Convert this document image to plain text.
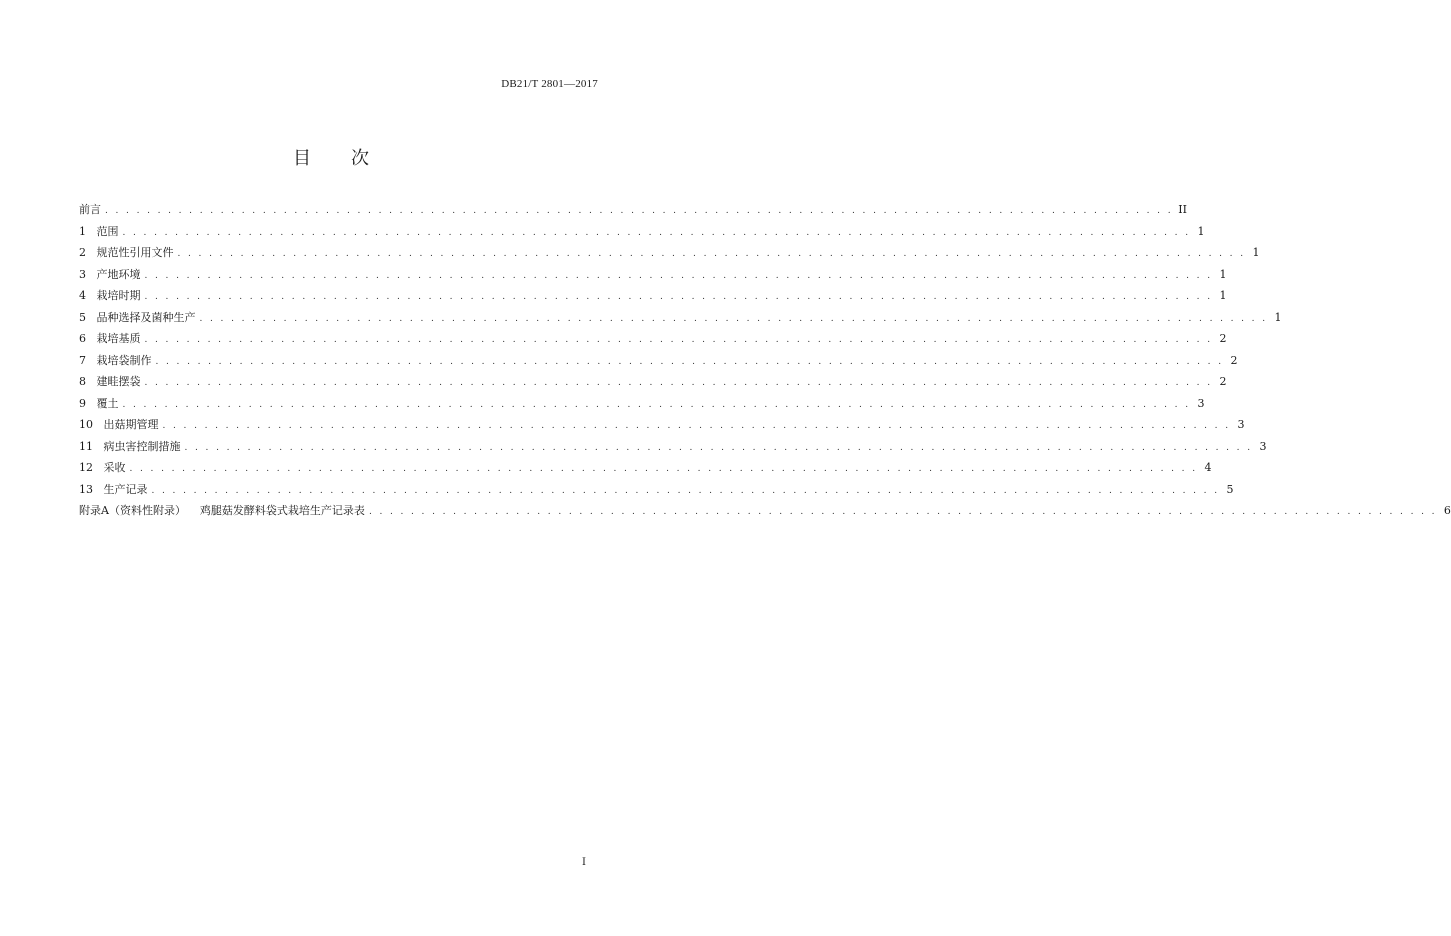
DB21/T 2801—2017
目 次
前言 . . . . . . . . . . . . . . . . . . . . . . . . . . . . . . . . . . . . . . . . . . . . . . . . . . . . . . . . . . . . . . . . . . . . . . . . . . . . . . . . . . . . . . . . . . . . . . . . . . . . . . II
1
范围 . . . . . . . . . . . . . . . . . . . . . . . . . . . . . . . . . . . . . . . . . . . . . . . . . . . . . . . . . . . . . . . . . . . . . . . . . . . . . . . . . . . . . . . . . . . . . . . . . . . . . . 1
2
规范性引用文件 . . . . . . . . . . . . . . . . . . . . . . . . . . . . . . . . . . . . . . . . . . . . . . . . . . . . . . . . . . . . . . . . . . . . . . . . . . . . . . . . . . . . . . . . . . . . . . . . . . . . . . 1
3
产地环境 . . . . . . . . . . . . . . . . . . . . . . . . . . . . . . . . . . . . . . . . . . . . . . . . . . . . . . . . . . . . . . . . . . . . . . . . . . . . . . . . . . . . . . . . . . . . . . . . . . . . . . 1
4
栽培时期 . . . . . . . . . . . . . . . . . . . . . . . . . . . . . . . . . . . . . . . . . . . . . . . . . . . . . . . . . . . . . . . . . . . . . . . . . . . . . . . . . . . . . . . . . . . . . . . . . . . . . . 1
5
品种选择及菌种生产 . . . . . . . . . . . . . . . . . . . . . . . . . . . . . . . . . . . . . . . . . . . . . . . . . . . . . . . . . . . . . . . . . . . . . . . . . . . . . . . . . . . . . . . . . . . . . . . . . . . . . . 1
6
栽培基质 . . . . . . . . . . . . . . . . . . . . . . . . . . . . . . . . . . . . . . . . . . . . . . . . . . . . . . . . . . . . . . . . . . . . . . . . . . . . . . . . . . . . . . . . . . . . . . . . . . . . . . 2
7
栽培袋制作 . . . . . . . . . . . . . . . . . . . . . . . . . . . . . . . . . . . . . . . . . . . . . . . . . . . . . . . . . . . . . . . . . . . . . . . . . . . . . . . . . . . . . . . . . . . . . . . . . . . . . . 2
8
建畦摆袋 . . . . . . . . . . . . . . . . . . . . . . . . . . . . . . . . . . . . . . . . . . . . . . . . . . . . . . . . . . . . . . . . . . . . . . . . . . . . . . . . . . . . . . . . . . . . . . . . . . . . . . 2
9
覆土 . . . . . . . . . . . . . . . . . . . . . . . . . . . . . . . . . . . . . . . . . . . . . . . . . . . . . . . . . . . . . . . . . . . . . . . . . . . . . . . . . . . . . . . . . . . . . . . . . . . . . . 3
10
出菇期管理 . . . . . . . . . . . . . . . . . . . . . . . . . . . . . . . . . . . . . . . . . . . . . . . . . . . . . . . . . . . . . . . . . . . . . . . . . . . . . . . . . . . . . . . . . . . . . . . . . . . . . . 3
11
病虫害控制措施 . . . . . . . . . . . . . . . . . . . . . . . . . . . . . . . . . . . . . . . . . . . . . . . . . . . . . . . . . . . . . . . . . . . . . . . . . . . . . . . . . . . . . . . . . . . . . . . . . . . . . . 3
12
采收 . . . . . . . . . . . . . . . . . . . . . . . . . . . . . . . . . . . . . . . . . . . . . . . . . . . . . . . . . . . . . . . . . . . . . . . . . . . . . . . . . . . . . . . . . . . . . . . . . . . . . . 4
13
生产记录 . . . . . . . . . . . . . . . . . . . . . . . . . . . . . . . . . . . . . . . . . . . . . . . . . . . . . . . . . . . . . . . . . . . . . . . . . . . . . . . . . . . . . . . . . . . . . . . . . . . . . . 5
附录A（资料性附录）    鸡腿菇发酵料袋式栽培生产记录表 . . . . . . . . . . . . . . . . . . . . . . . . . . . . . . . . . . . . . . . . . . . . . . . . . . . . . . . . . . . . . . . . . . . . . . . . . . . . . . . . . . . . . . . . . . . . . . . . . . . . . . 6
I
